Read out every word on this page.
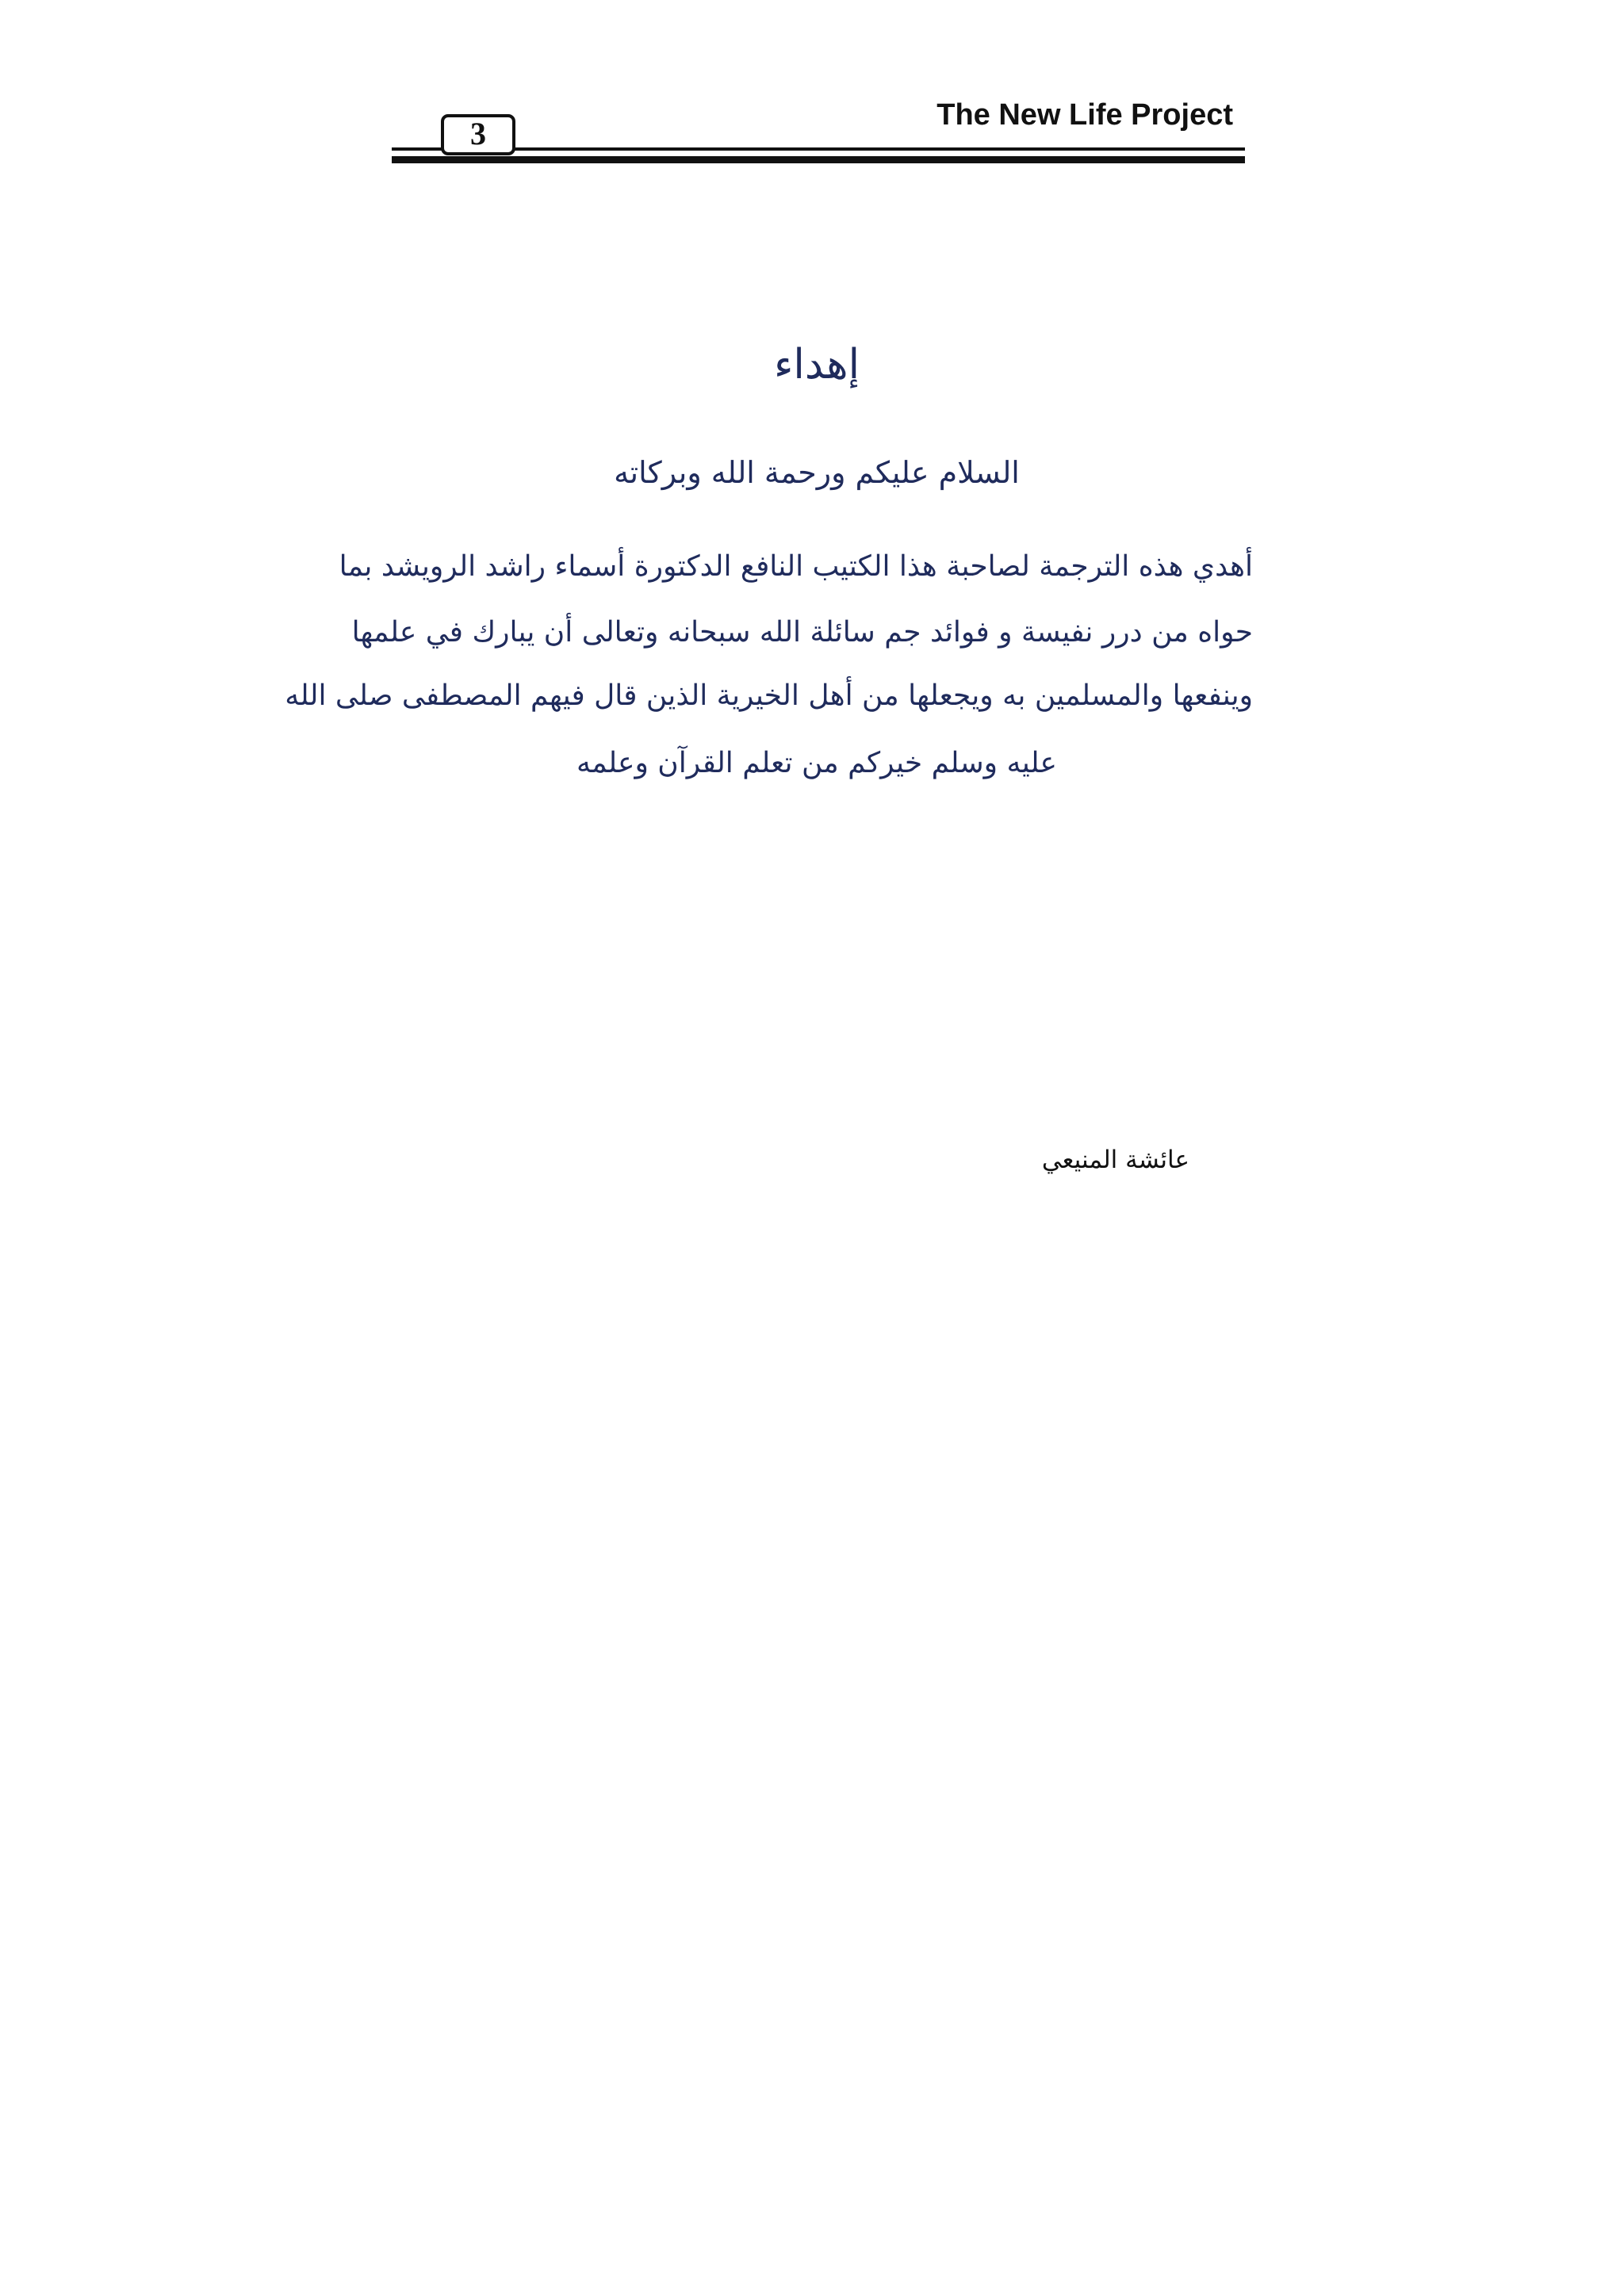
3
The New Life Project
إهداء
السلام عليكم ورحمة الله وبركاته
أهدي هذه الترجمة لصاحبة هذا الكتيب النافع الدكتورة أسماء راشد الرويشد بما
حواه من درر نفيسة و فوائد جم سائلة الله سبحانه وتعالى أن يبارك في علمها
وينفعها والمسلمين به ويجعلها من أهل الخيرية الذين قال فيهم المصطفى صلى الله
عليه وسلم خيركم من تعلم القرآن وعلمه
عائشة المنيعي
